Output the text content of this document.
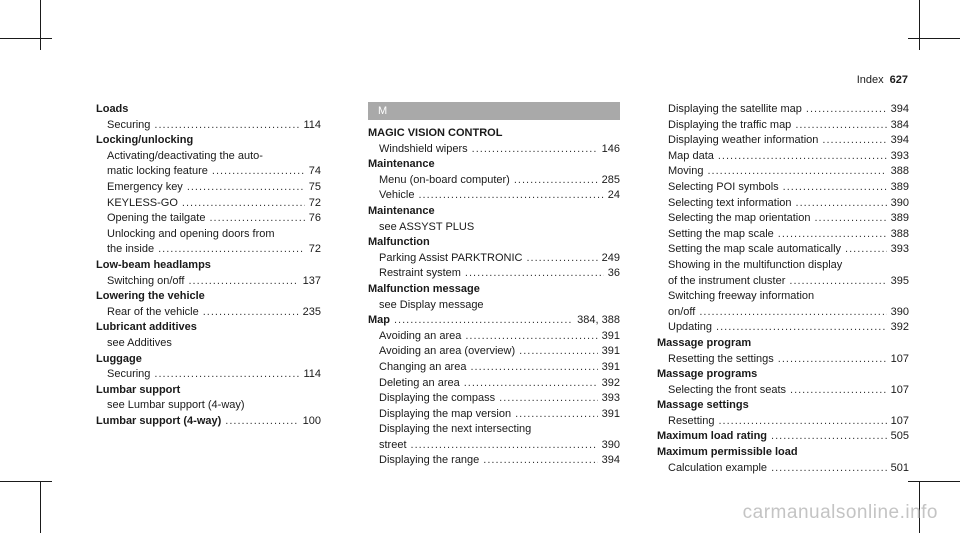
Index 627
Loads
Securing .....	114
Locking/unlocking
Activating/deactivating the auto-
matic locking feature .....	74
Emergency key .....	75
KEYLESS-GO .....	72
Opening the tailgate .....	76
Unlocking and opening doors from
the inside .....	72
Low-beam headlamps
Switching on/off .....	137
Lowering the vehicle
Rear of the vehicle .....	235
Lubricant additives
see Additives
Luggage
Securing .....	114
Lumbar support
see Lumbar support (4-way)
Lumbar support (4-way) .....	100
M
MAGIC VISION CONTROL
Windshield wipers .....	146
Maintenance
Menu (on-board computer) .....	285
Vehicle .....	24
Maintenance
see ASSYST PLUS
Malfunction
Parking Assist PARKTRONIC .....	249
Restraint system .....	36
Malfunction message
see Display message
Map .....	384, 388
Avoiding an area .....	391
Avoiding an area (overview) .....	391
Changing an area .....	391
Deleting an area .....	392
Displaying the compass .....	393
Displaying the map version .....	391
Displaying the next intersecting
street .....	390
Displaying the range .....	394
Displaying the satellite map .....	394
Displaying the traffic map .....	384
Displaying weather information .....	394
Map data .....	393
Moving .....	388
Selecting POI symbols .....	389
Selecting text information .....	390
Selecting the map orientation .....	389
Setting the map scale .....	388
Setting the map scale automatically .....	393
Showing in the multifunction display
of the instrument cluster .....	395
Switching freeway information
on/off .....	390
Updating .....	392
Massage program
Resetting the settings .....	107
Massage programs
Selecting the front seats .....	107
Massage settings
Resetting .....	107
Maximum load rating .....	505
Maximum permissible load
Calculation example .....	501
carmanualsonline.info
